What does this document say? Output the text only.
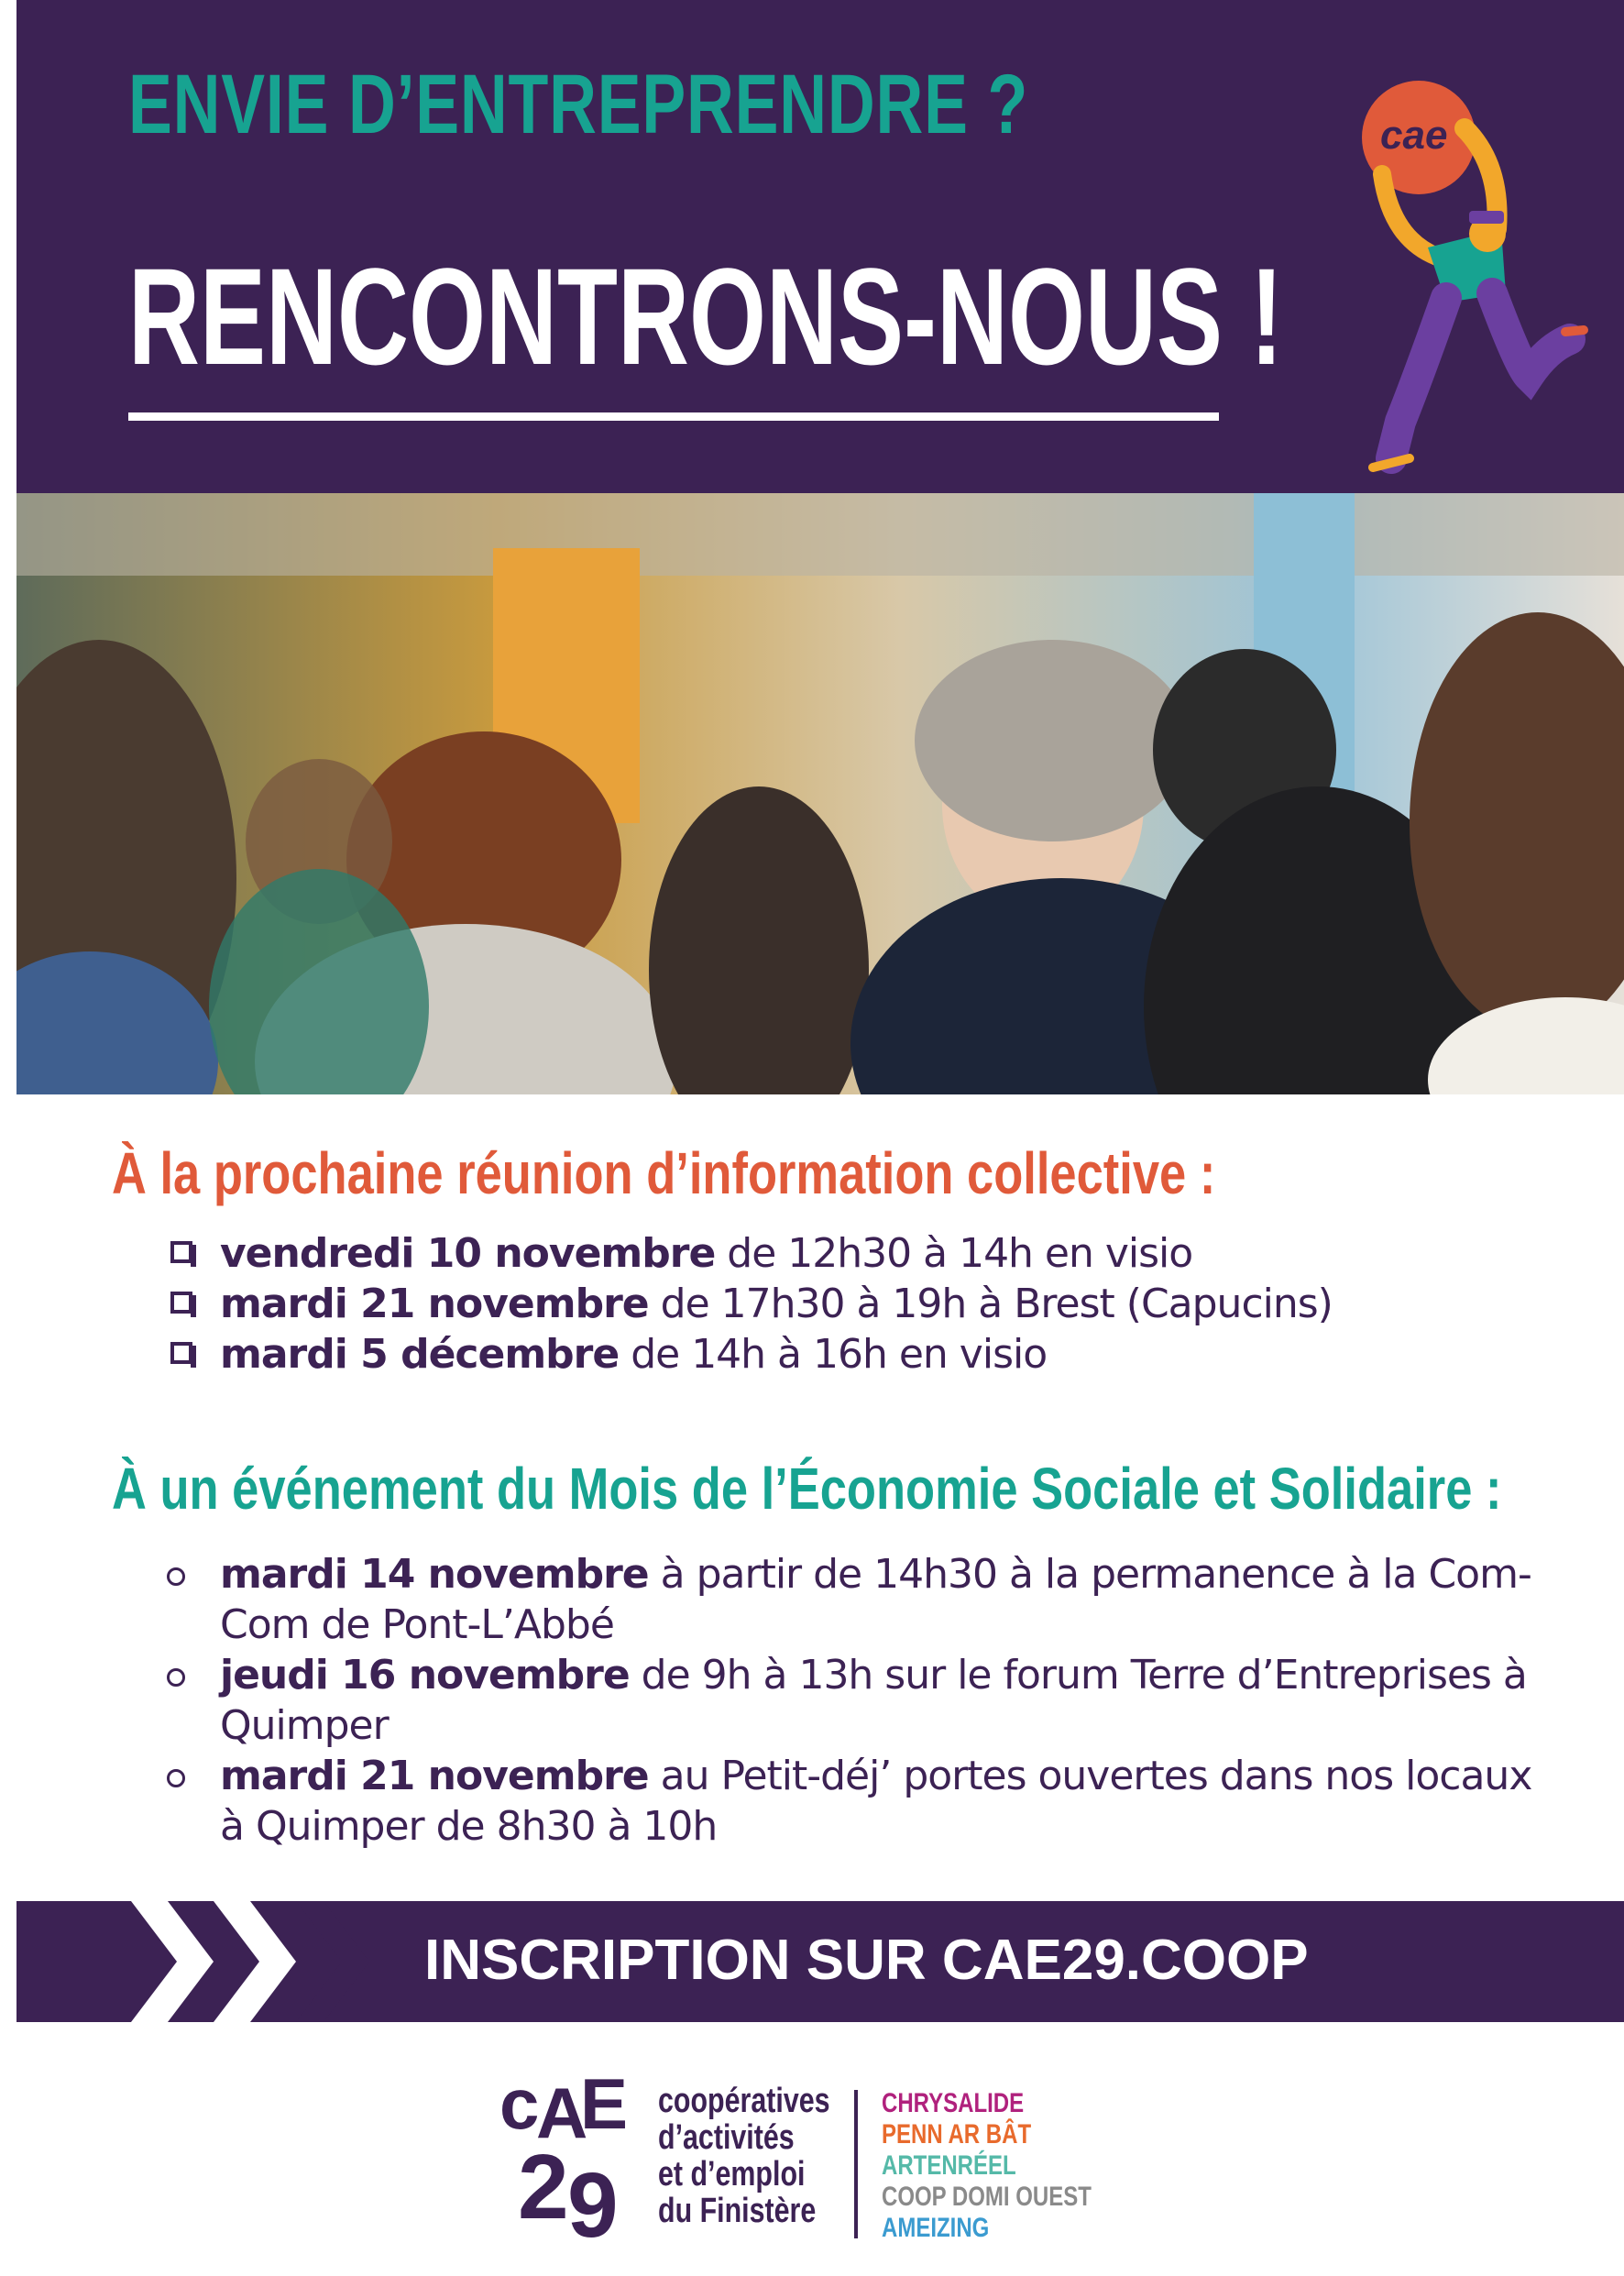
ENVIE D’ENTREPRENDRE ?
RENCONTRONS-NOUS !
cae
À la prochaine réunion d’information collective :
vendredi 10 novembre de 12h30 à 14h en visio
mardi 21 novembre de 17h30 à 19h à Brest (Capucins)
mardi 5 décembre de 14h à 16h en visio
À un événement du Mois de l’Économie Sociale et Solidaire :
mardi 14 novembre à partir de 14h30 à la permanence à la Com-Com de Pont-L’Abbé
jeudi 16 novembre de 9h à 13h sur le forum Terre d’Entreprises à Quimper
mardi 21 novembre au Petit-déj’ portes ouvertes dans nos locaux à Quimper de 8h30 à 10h
INSCRIPTION SUR CAE29.COOP
c
A
E
2
9
coopératives
d’activités
et d’emploi
du Finistère
CHRYSALIDE
PENN AR BÂT
ARTENRÉEL
COOP DOMI OUEST
AMEIZING
